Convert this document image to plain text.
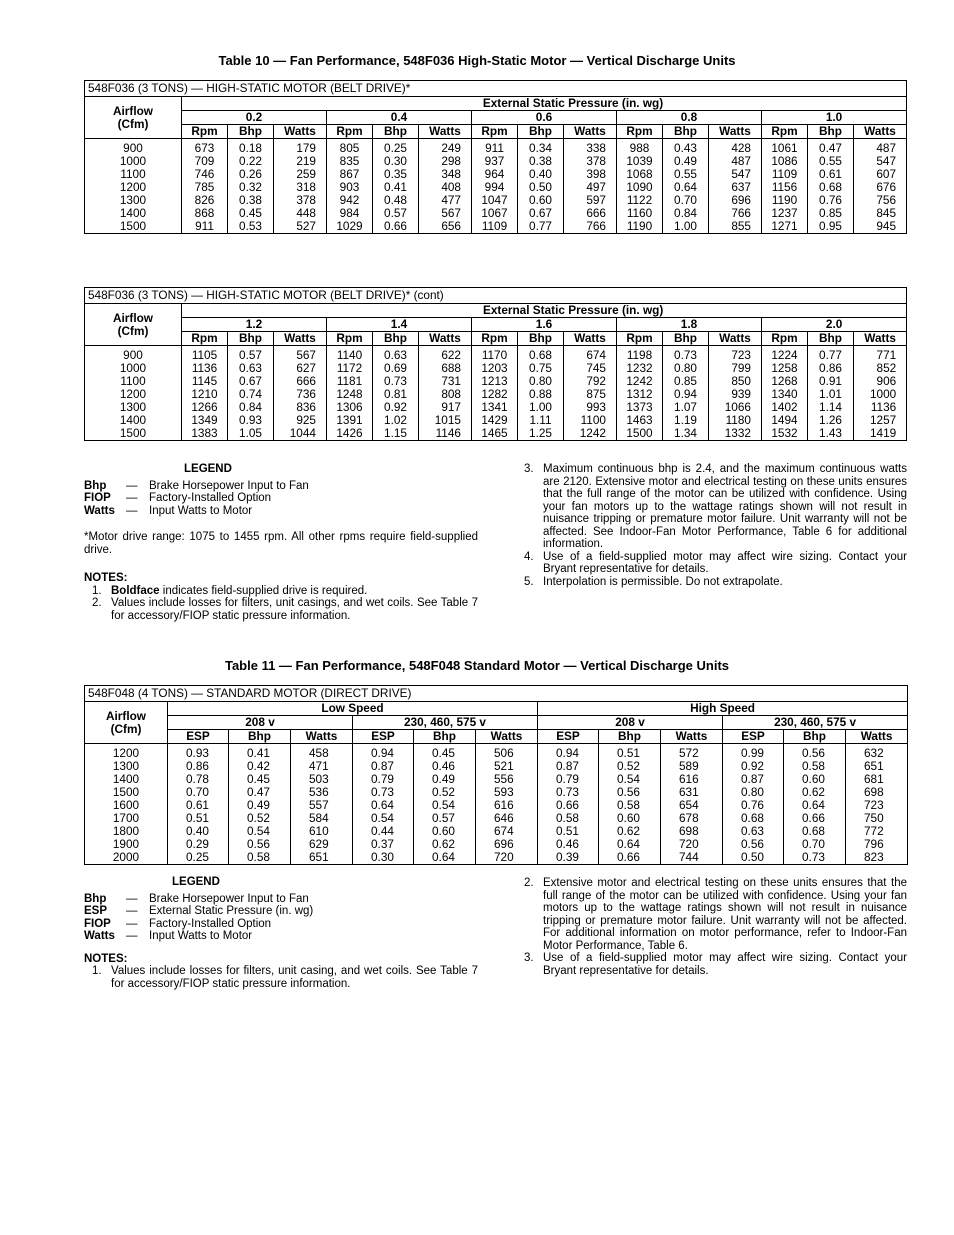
Table 10 — Fan Performance, 548F036 High-Static Motor — Vertical Discharge Units
548F036 (3 TONS) — HIGH-STATIC MOTOR (BELT DRIVE)*															

Airflow
(Cfm)	External Static Pressure (in. wg)														
	0.2			0.4			0.6			0.8			1.0		
	Rpm	Bhp	Watts	Rpm	Bhp	Watts	Rpm	Bhp	Watts	Rpm	Bhp	Watts	Rpm	Bhp	Watts
900	673	0.18	179	805	0.25	249	911	0.34	338	988	0.43	428	1061	0.47	487
1000	709	0.22	219	835	0.30	298	937	0.38	378	1039	0.49	487	1086	0.55	547
1100	746	0.26	259	867	0.35	348	964	0.40	398	1068	0.55	547	1109	0.61	607
1200	785	0.32	318	903	0.41	408	994	0.50	497	1090	0.64	637	1156	0.68	676
1300	826	0.38	378	942	0.48	477	1047	0.60	597	1122	0.70	696	1190	0.76	756
1400	868	0.45	448	984	0.57	567	1067	0.67	666	1160	0.84	766	1237	0.85	845
1500	911	0.53	527	1029	0.66	656	1109	0.77	766	1190	1.00	855	1271	0.95	945
548F036 (3 TONS) — HIGH-STATIC MOTOR (BELT DRIVE)* (cont)															

Airflow
(Cfm)	External Static Pressure (in. wg)														
	1.2			1.4			1.6			1.8			2.0		
	Rpm	Bhp	Watts	Rpm	Bhp	Watts	Rpm	Bhp	Watts	Rpm	Bhp	Watts	Rpm	Bhp	Watts
900	1105	0.57	567	1140	0.63	622	1170	0.68	674	1198	0.73	723	1224	0.77	771
1000	1136	0.63	627	1172	0.69	688	1203	0.75	745	1232	0.80	799	1258	0.86	852
1100	1145	0.67	666	1181	0.73	731	1213	0.80	792	1242	0.85	850	1268	0.91	906
1200	1210	0.74	736	1248	0.81	808	1282	0.88	875	1312	0.94	939	1340	1.01	1000
1300	1266	0.84	836	1306	0.92	917	1341	1.00	993	1373	1.07	1066	1402	1.14	1136
1400	1349	0.93	925	1391	1.02	1015	1429	1.11	1100	1463	1.19	1180	1494	1.26	1257
1500	1383	1.05	1044	1426	1.15	1146	1465	1.25	1242	1500	1.34	1332	1532	1.43	1419
LEGEND
Bhp	—	Brake Horsepower Input to Fan
FIOP	—	Factory-Installed Option
Watts —	Input Watts to Motor
*Motor drive range: 1075 to 1455 rpm. All other rpms require field-supplied drive.
NOTES:
1. Boldface indicates field-supplied drive is required.
2. Values include losses for filters, unit casings, and wet coils. See Table 7 for accessory/FIOP static pressure information.
3. Maximum continuous bhp is 2.4, and the maximum continuous watts are 2120. Extensive motor and electrical testing on these units ensures that the full range of the motor can be utilized with confidence. Using your fan motors up to the wattage ratings shown will not result in nuisance tripping or premature motor failure. Unit warranty will not be affected. See Indoor-Fan Motor Performance, Table 6 for additional information.
4. Use of a field-supplied motor may affect wire sizing. Contact your Bryant representative for details.
5. Interpolation is permissible. Do not extrapolate.
Table 11 — Fan Performance, 548F048 Standard Motor — Vertical Discharge Units
548F048 (4 TONS) — STANDARD MOTOR (DIRECT DRIVE)												

Airflow
(Cfm)	Low Speed						High Speed					
	208 v			230, 460, 575 v			208 v			230, 460, 575 v		
	ESP	Bhp	Watts	ESP	Bhp	Watts	ESP	Bhp	Watts	ESP	Bhp	Watts
1200	0.93	0.41	458	0.94	0.45	506	0.94	0.51	572	0.99	0.56	632
1300	0.86	0.42	471	0.87	0.46	521	0.87	0.52	589	0.92	0.58	651
1400	0.78	0.45	503	0.79	0.49	556	0.79	0.54	616	0.87	0.60	681
1500	0.70	0.47	536	0.73	0.52	593	0.73	0.56	631	0.80	0.62	698
1600	0.61	0.49	557	0.64	0.54	616	0.66	0.58	654	0.76	0.64	723
1700	0.51	0.52	584	0.54	0.57	646	0.58	0.60	678	0.68	0.66	750
1800	0.40	0.54	610	0.44	0.60	674	0.51	0.62	698	0.63	0.68	772
1900	0.29	0.56	629	0.37	0.62	696	0.46	0.64	720	0.56	0.70	796
2000	0.25	0.58	651	0.30	0.64	720	0.39	0.66	744	0.50	0.73	823
LEGEND
Bhp	—	Brake Horsepower Input to Fan
ESP	—	External Static Pressure (in. wg)
FIOP	—	Factory-Installed Option
Watts —	Input Watts to Motor
NOTES:
1. Values include losses for filters, unit casing, and wet coils. See Table 7 for accessory/FIOP static pressure information.
2. Extensive motor and electrical testing on these units ensures that the full range of the motor can be utilized with confidence. Using your fan motors up to the wattage ratings shown will not result in nuisance tripping or premature motor failure. Unit warranty will not be affected. For additional information on motor performance, refer to Indoor-Fan Motor Performance, Table 6.
3. Use of a field-supplied motor may affect wire sizing. Contact your Bryant representative for details.
